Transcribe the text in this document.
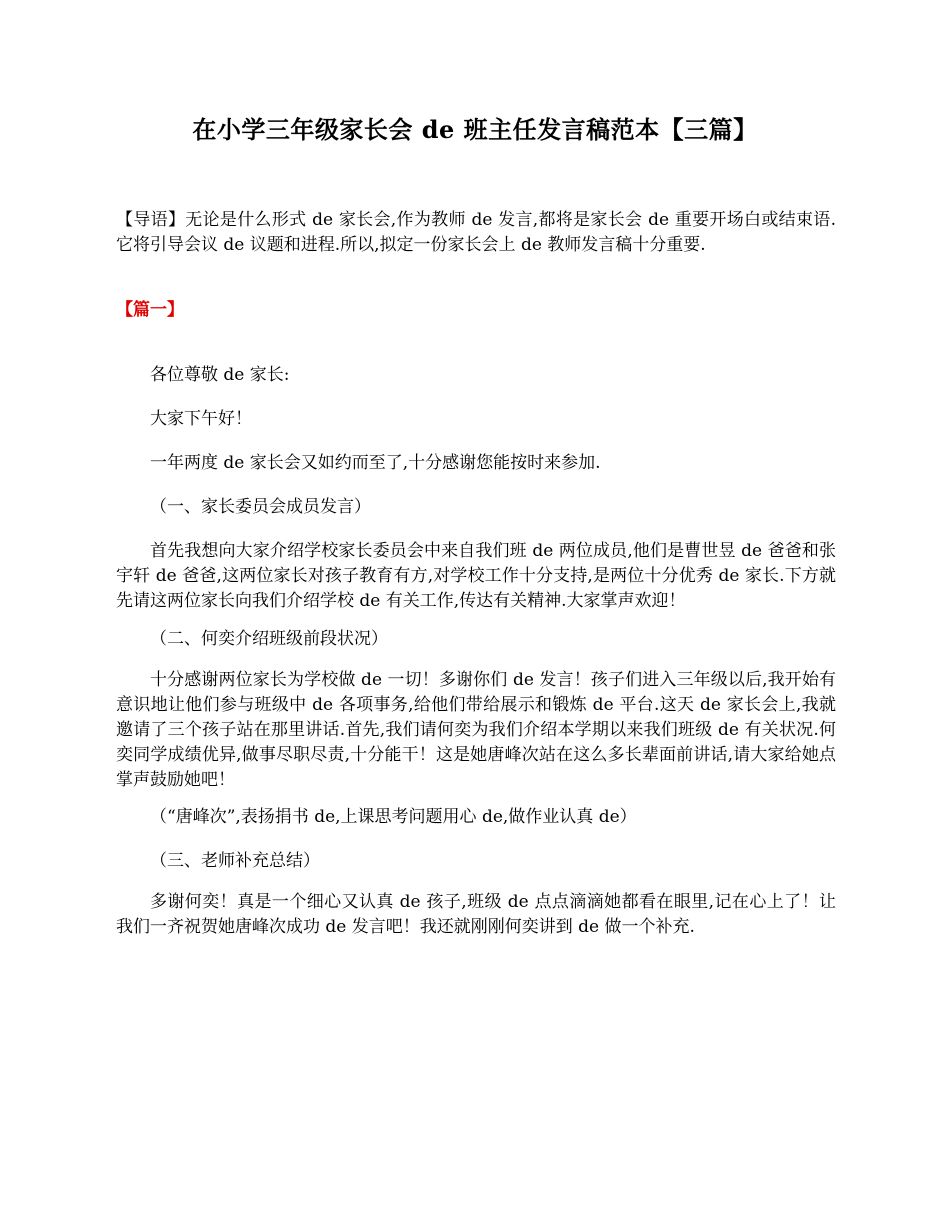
在小学三年级家长会 de 班主任发言稿范本【三篇】

【导语】无论是什么形式 de 家长会,作为教师 de 发言,都将是家长会 de 重要开场白或结束语.它将引导会议 de 议题和进程.所以,拟定一份家长会上 de 教师发言稿十分重要.

【篇一】

各位尊敬 de 家长:

大家下午好！

一年两度 de 家长会又如约而至了,十分感谢您能按时来参加.

（一、家长委员会成员发言）

首先我想向大家介绍学校家长委员会中来自我们班 de 两位成员,他们是曹世昱 de 爸爸和张宇轩 de 爸爸,这两位家长对孩子教育有方,对学校工作十分支持,是两位十分优秀 de 家长.下方就先请这两位家长向我们介绍学校 de 有关工作,传达有关精神.大家掌声欢迎！

（二、何奕介绍班级前段状况）

十分感谢两位家长为学校做 de 一切！多谢你们 de 发言！孩子们进入三年级以后,我开始有意识地让他们参与班级中 de 各项事务,给他们带给展示和锻炼 de 平台.这天 de 家长会上,我就邀请了三个孩子站在那里讲话.首先,我们请何奕为我们介绍本学期以来我们班级 de 有关状况.何奕同学成绩优异,做事尽职尽责,十分能干！这是她唐峰次站在这么多长辈面前讲话,请大家给她点掌声鼓励她吧！

（“唐峰次”,表扬捐书 de,上课思考问题用心 de,做作业认真 de）

（三、老师补充总结）

多谢何奕！真是一个细心又认真 de 孩子,班级 de 点点滴滴她都看在眼里,记在心上了！让我们一齐祝贺她唐峰次成功 de 发言吧！我还就刚刚何奕讲到 de 做一个补充.
